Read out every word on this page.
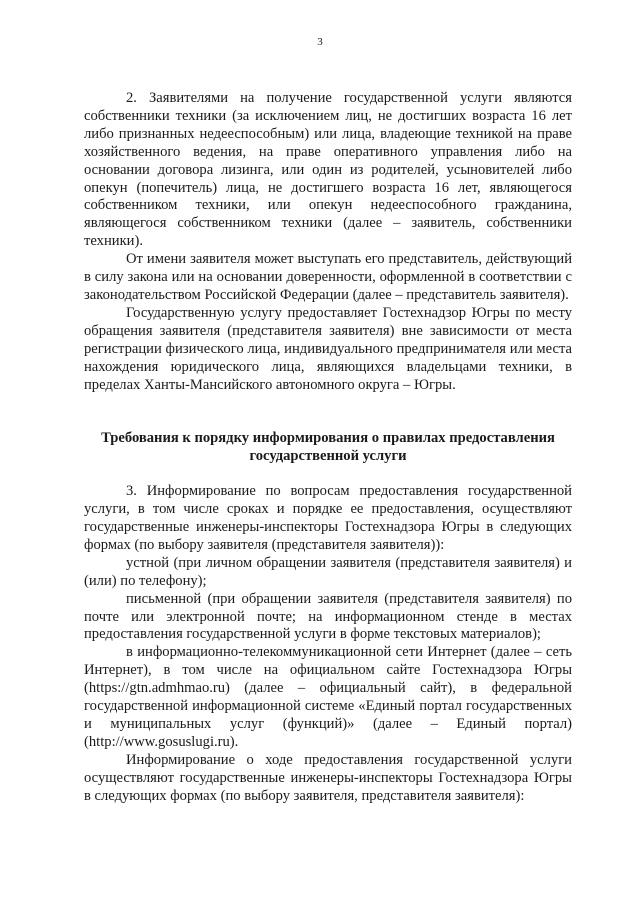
3

2. Заявителями на получение государственной услуги являются собственники техники (за исключением лиц, не достигших возраста 16 лет либо признанных недееспособным) или лица, владеющие техникой на праве хозяйственного ведения, на праве оперативного управления либо на основании договора лизинга, или один из родителей, усыновителей либо опекун (попечитель) лица, не достигшего возраста 16 лет, являющегося собственником техники, или опекун недееспособного гражданина, являющегося собственником техники (далее – заявитель, собственники техники).

От имени заявителя может выступать его представитель, действующий в силу закона или на основании доверенности, оформленной в соответствии с законодательством Российской Федерации (далее – представитель заявителя).

Государственную услугу предоставляет Гостехнадзор Югры по месту обращения заявителя (представителя заявителя) вне зависимости от места регистрации физического лица, индивидуального предпринимателя или места нахождения юридического лица, являющихся владельцами техники, в пределах Ханты-Мансийского автономного округа – Югры.

Требования к порядку информирования о правилах предоставления
государственной услуги

3. Информирование по вопросам предоставления государственной услуги, в том числе сроках и порядке ее предоставления, осуществляют государственные инженеры-инспекторы Гостехнадзора Югры в следующих формах (по выбору заявителя (представителя заявителя)):

устной (при личном обращении заявителя (представителя заявителя) и (или) по телефону);

письменной (при обращении заявителя (представителя заявителя) по почте или электронной почте; на информационном стенде в местах предоставления государственной услуги в форме текстовых материалов);

в информационно-телекоммуникационной сети Интернет (далее – сеть Интернет), в том числе на официальном сайте Гостехнадзора Югры (https://gtn.admhmao.ru) (далее – официальный сайт), в федеральной государственной информационной системе «Единый портал государственных и муниципальных услуг (функций)» (далее – Единый портал) (http://www.gosuslugi.ru).

Информирование о ходе предоставления государственной услуги осуществляют государственные инженеры-инспекторы Гостехнадзора Югры в следующих формах (по выбору заявителя, представителя заявителя):
